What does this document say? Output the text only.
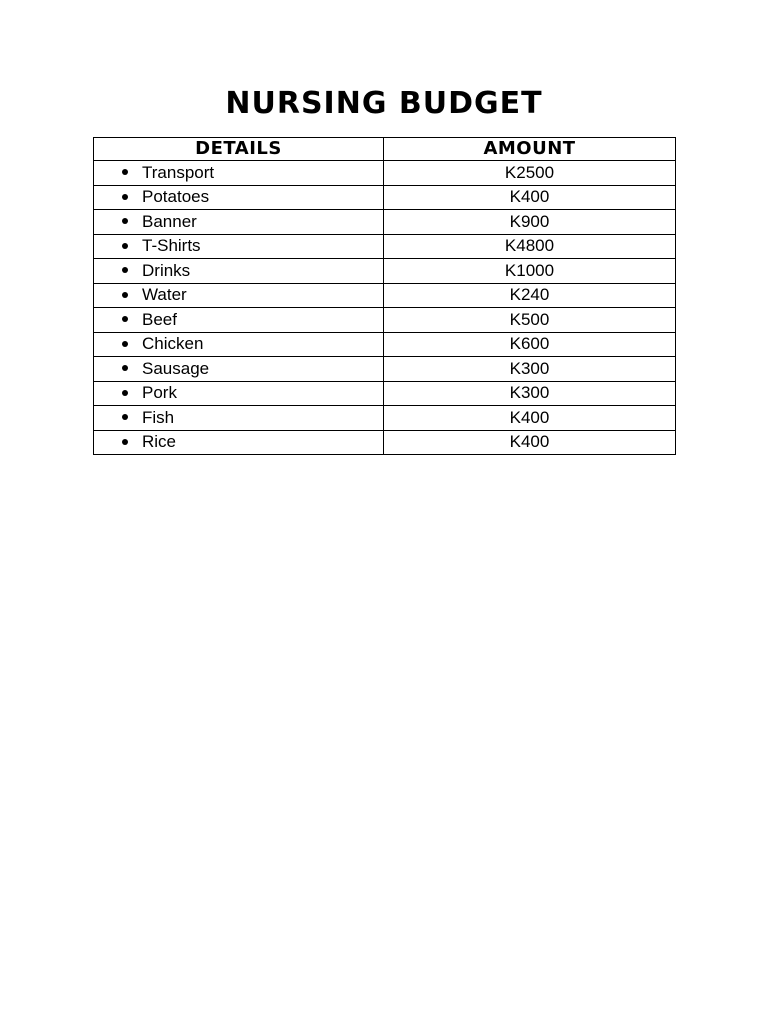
NURSING BUDGET
DETAILS	AMOUNT
Transport	K2500
Potatoes	K400
Banner	K900
T-Shirts	K4800
Drinks	K1000
Water	K240
Beef	K500
Chicken	K600
Sausage	K300
Pork	K300
Fish	K400
Rice	K400
